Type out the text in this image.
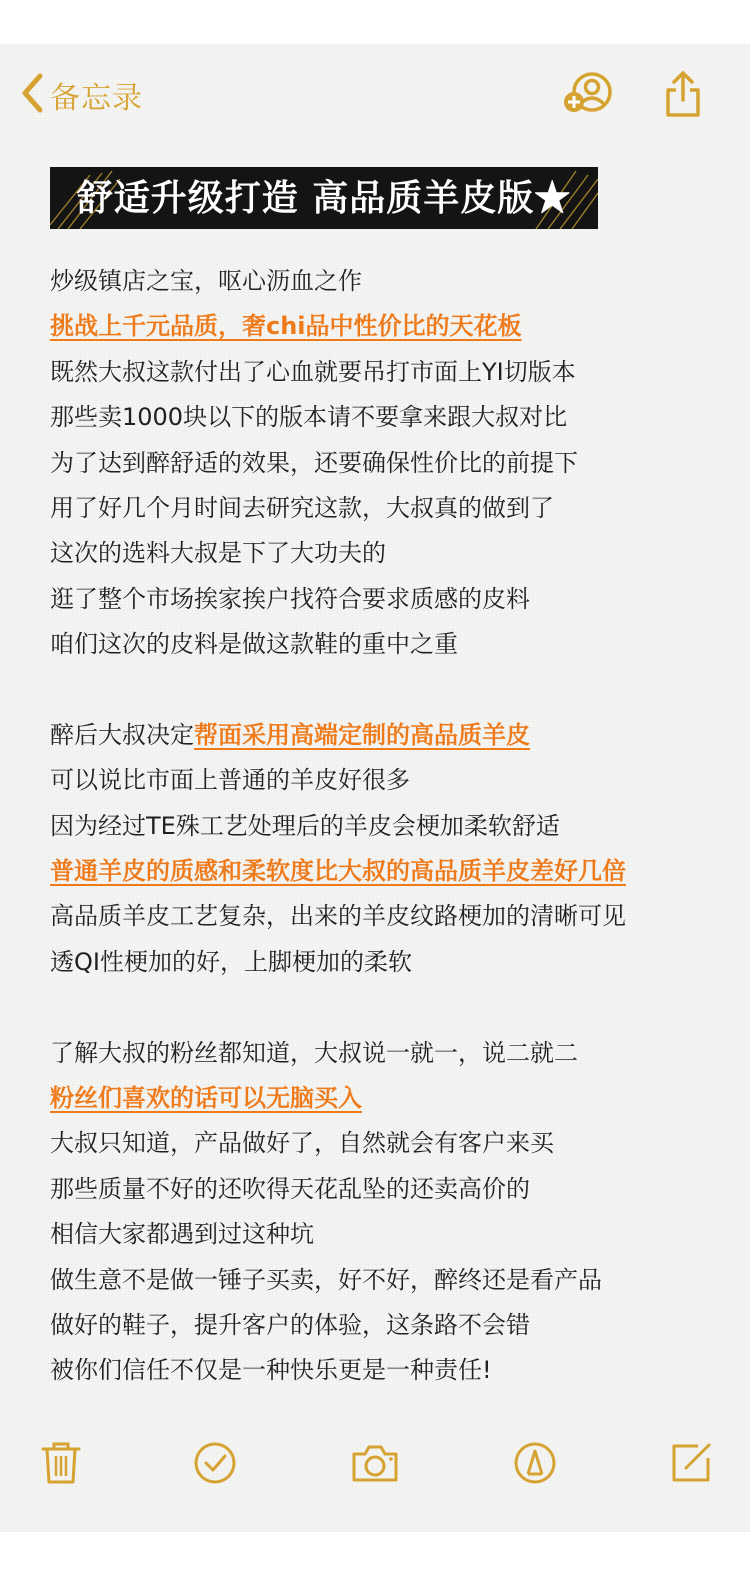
备忘录
舒适升级打造 高品质羊皮版★
炒级镇店之宝，呕心沥血之作
挑战上千元品质，奢chi品中性价比的天花板
既然大叔这款付出了心血就要吊打市面上YI切版本
那些卖1000块以下的版本请不要拿来跟大叔对比
为了达到醉舒适的效果，还要确保性价比的前提下
用了好几个月时间去研究这款，大叔真的做到了
这次的选料大叔是下了大功夫的
逛了整个市场挨家挨户找符合要求质感的皮料
咱们这次的皮料是做这款鞋的重中之重
醉后大叔决定帮面采用高端定制的高品质羊皮
可以说比市面上普通的羊皮好很多
因为经过TE殊工艺处理后的羊皮会梗加柔软舒适
普通羊皮的质感和柔软度比大叔的高品质羊皮差好几倍
高品质羊皮工艺复杂，出来的羊皮纹路梗加的清晰可见
透QI性梗加的好，上脚梗加的柔软
了解大叔的粉丝都知道，大叔说一就一，说二就二
粉丝们喜欢的话可以无脑买入
大叔只知道，产品做好了，自然就会有客户来买
那些质量不好的还吹得天花乱坠的还卖高价的
相信大家都遇到过这种坑
做生意不是做一锤子买卖，好不好，醉终还是看产品
做好的鞋子，提升客户的体验，这条路不会错
被你们信任不仅是一种快乐更是一种责任!
